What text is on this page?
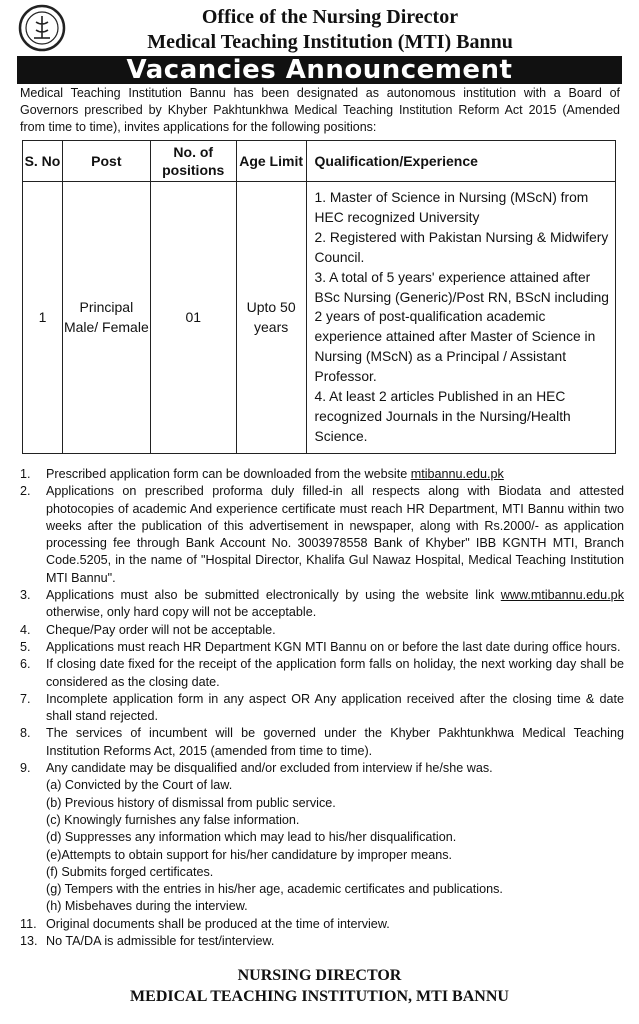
Office of the Nursing Director
Medical Teaching Institution (MTI) Bannu
Vacancies Announcement
Medical Teaching Institution Bannu has been designated as autonomous institution with a Board of Governors prescribed by Khyber Pakhtunkhwa Medical Teaching Institution Reform Act 2015 (Amended from time to time), invites applications for the following positions:
S. No	Post	No. of positions	Age Limit	Qualification/Experience
1	Principal Male/ Female	01	Upto 50 years	1. Master of Science in Nursing (MScN) from HEC recognized University
2. Registered with Pakistan Nursing & Midwifery Council.
3. A total of 5 years' experience attained after BSc Nursing (Generic)/Post RN, BScN including 2 years of post-qualification academic experience attained after Master of Science in Nursing (MScN) as a Principal / Assistant Professor.
4. At least 2 articles Published in an HEC recognized Journals in the Nursing/Health Science.
1.	Prescribed application form can be downloaded from the website mtibannu.edu.pk
2.	Applications on prescribed proforma duly filled-in all respects along with Biodata and attested photocopies of academic And experience certificate must reach HR Department, MTI Bannu within two weeks after the publication of this advertisement in newspaper, along with Rs.2000/- as application processing fee through Bank Account No. 3003978558 Bank of Khyber" IBB KGNTH MTI, Branch Code.5205, in the name of "Hospital Director, Khalifa Gul Nawaz Hospital, Medical Teaching Institution MTI Bannu".
3.	Applications must also be submitted electronically by using the website link www.mtibannu.edu.pk otherwise, only hard copy will not be acceptable.
4.	Cheque/Pay order will not be acceptable.
5.	Applications must reach HR Department KGN MTI Bannu on or before the last date during office hours.
6.	If closing date fixed for the receipt of the application form falls on holiday, the next working day shall be considered as the closing date.
7.	Incomplete application form in any aspect OR Any application received after the closing time & date shall stand rejected.
8.	The services of incumbent will be governed under the Khyber Pakhtunkhwa Medical Teaching Institution Reforms Act, 2015 (amended from time to time).
9.	Any candidate may be disqualified and/or excluded from interview if he/she was.
(a) Convicted by the Court of law.
(b) Previous history of dismissal from public service.
(c) Knowingly furnishes any false information.
(d) Suppresses any information which may lead to his/her disqualification.
(e)Attempts to obtain support for his/her candidature by improper means.
(f) Submits forged certificates.
(g) Tempers with the entries in his/her age, academic certificates and publications.
(h) Misbehaves during the interview.
11. Original documents shall be produced at the time of interview.
13. No TA/DA is admissible for test/interview.
NURSING DIRECTOR
MEDICAL TEACHING INSTITUTION, MTI BANNU
